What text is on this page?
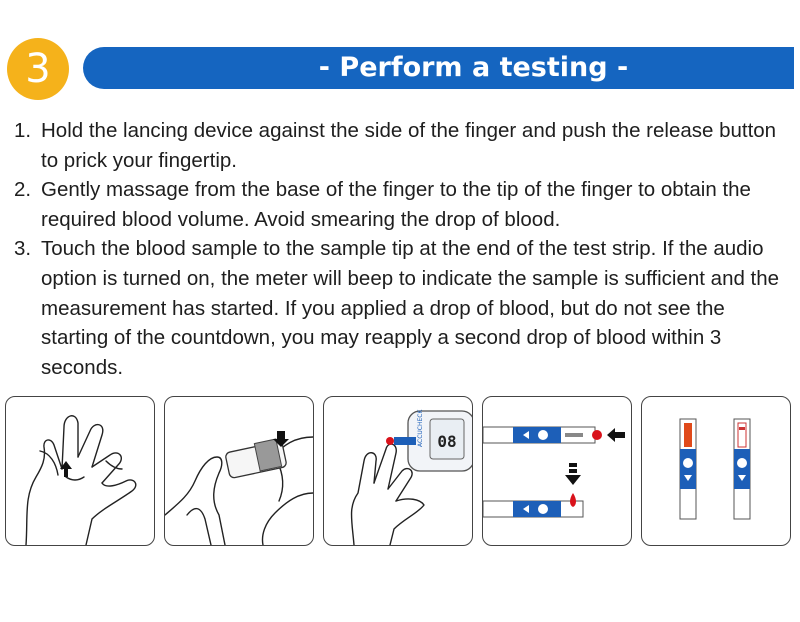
3	- Perform a testing -
1. Hold the lancing device against the side of the finger and push the release button to prick your fingertip.
2. Gently massage from the base of the finger to the tip of the finger to obtain the required blood volume. Avoid smearing the drop of blood.
3. Touch the blood sample to the sample tip at the end of the test strip. If the audio option is turned on, the meter will beep to indicate the sample is sufficient and the measurement has started. If you applied a drop of blood, but do not see the starting of the countdown, you may reapply a second drop of blood within 3 seconds.
08
ACCUCHECK
